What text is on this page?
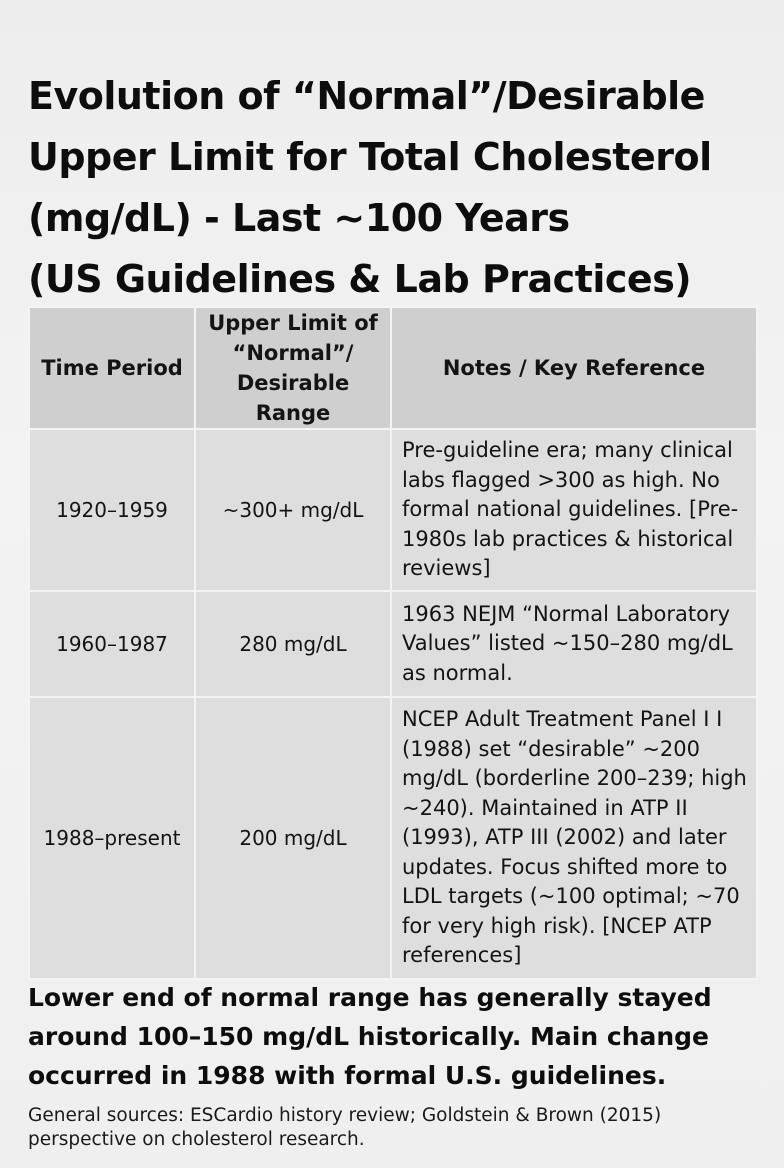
Evolution of “Normal”/Desirable
Upper Limit for Total Cholesterol
(mg/dL) - Last ~100 Years
(US Guidelines & Lab Practices)
Time Period	Upper Limit of “Normal”/ Desirable Range	Notes / Key Reference
1920–1959	~300+ mg/dL	Pre-guideline era; many clinical labs flagged >300 as high. No formal national guidelines. [Pre-1980s lab practices & historical reviews]
1960–1987	280 mg/dL	1963 NEJM “Normal Laboratory Values” listed ~150–280 mg/dL as normal.
1988–present	200 mg/dL	NCEP Adult Treatment Panel I I (1988) set “desirable” ~200 mg/dL (borderline 200–239; high ~240). Maintained in ATP II (1993), ATP III (2002) and later updates. Focus shifted more to LDL targets (~100 optimal; ~70 for very high risk). [NCEP ATP references]

Lower end of normal range has generally stayed
around 100–150 mg/dL historically. Main change
occurred in 1988 with formal U.S. guidelines.

General sources: ESCardio history review; Goldstein & Brown (2015)
perspective on cholesterol research.
